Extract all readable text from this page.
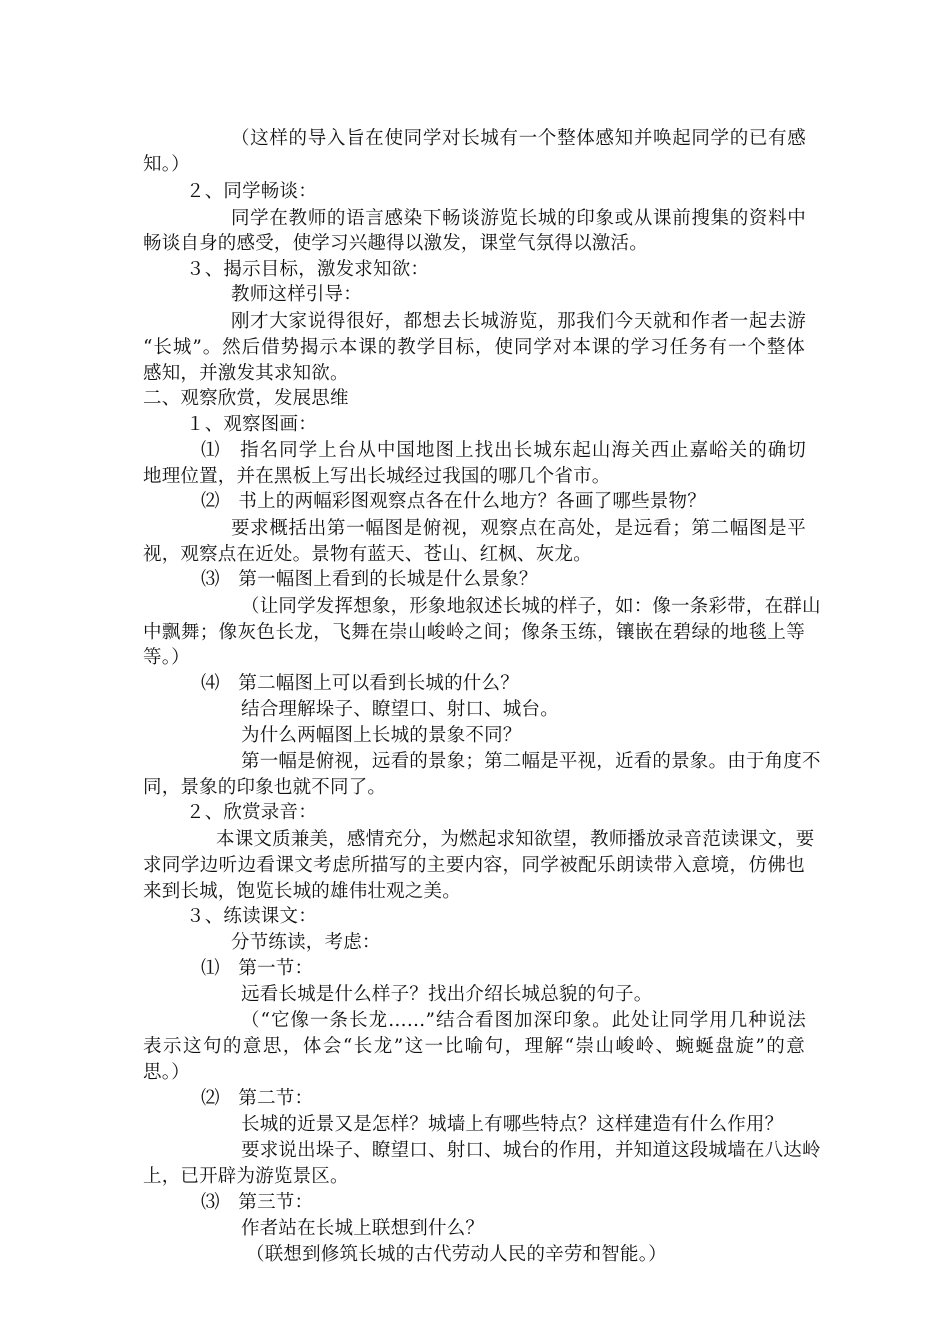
（这样的导入旨在使同学对长城有一个整体感知并唤起同学的已有感
知。）
２、同学畅谈：
同学在教师的语言感染下畅谈游览长城的印象或从课前搜集的资料中
畅谈自身的感受，使学习兴趣得以激发，课堂气氛得以激活。
３、揭示目标，激发求知欲：
教师这样引导：
刚才大家说得很好，都想去长城游览，那我们今天就和作者一起去游
“长城”。然后借势揭示本课的教学目标，使同学对本课的学习任务有一个整体
感知，并激发其求知欲。
二、观察欣赏，发展思维
１、观察图画：
⑴　指名同学上台从中国地图上找出长城东起山海关西止嘉峪关的确切
地理位置，并在黑板上写出长城经过我国的哪几个省市。
⑵　书上的两幅彩图观察点各在什么地方？各画了哪些景物？
要求概括出第一幅图是俯视，观察点在高处，是远看；第二幅图是平
视，观察点在近处。景物有蓝天、苍山、红枫、灰龙。
⑶　第一幅图上看到的长城是什么景象？
（让同学发挥想象，形象地叙述长城的样子，如：像一条彩带，在群山
中飘舞；像灰色长龙，飞舞在崇山峻岭之间；像条玉练，镶嵌在碧绿的地毯上等
等。）
⑷　第二幅图上可以看到长城的什么？
结合理解垛子、瞭望口、射口、城台。
为什么两幅图上长城的景象不同？
第一幅是俯视，远看的景象；第二幅是平视，近看的景象。由于角度不
同，景象的印象也就不同了。
２、欣赏录音：
本课文质兼美，感情充分，为燃起求知欲望，教师播放录音范读课文，要
求同学边听边看课文考虑所描写的主要内容，同学被配乐朗读带入意境，仿佛也
来到长城，饱览长城的雄伟壮观之美。
３、练读课文：
分节练读，考虑：
⑴　第一节：
远看长城是什么样子？找出介绍长城总貌的句子。
（“它像一条长龙……”结合看图加深印象。此处让同学用几种说法
表示这句的意思，体会“长龙”这一比喻句，理解“崇山峻岭、蜿蜒盘旋”的意
思。）
⑵　第二节：
长城的近景又是怎样？城墙上有哪些特点？这样建造有什么作用？
要求说出垛子、瞭望口、射口、城台的作用，并知道这段城墙在八达岭
上，已开辟为游览景区。
⑶　第三节：
作者站在长城上联想到什么？
（联想到修筑长城的古代劳动人民的辛劳和智能。）
